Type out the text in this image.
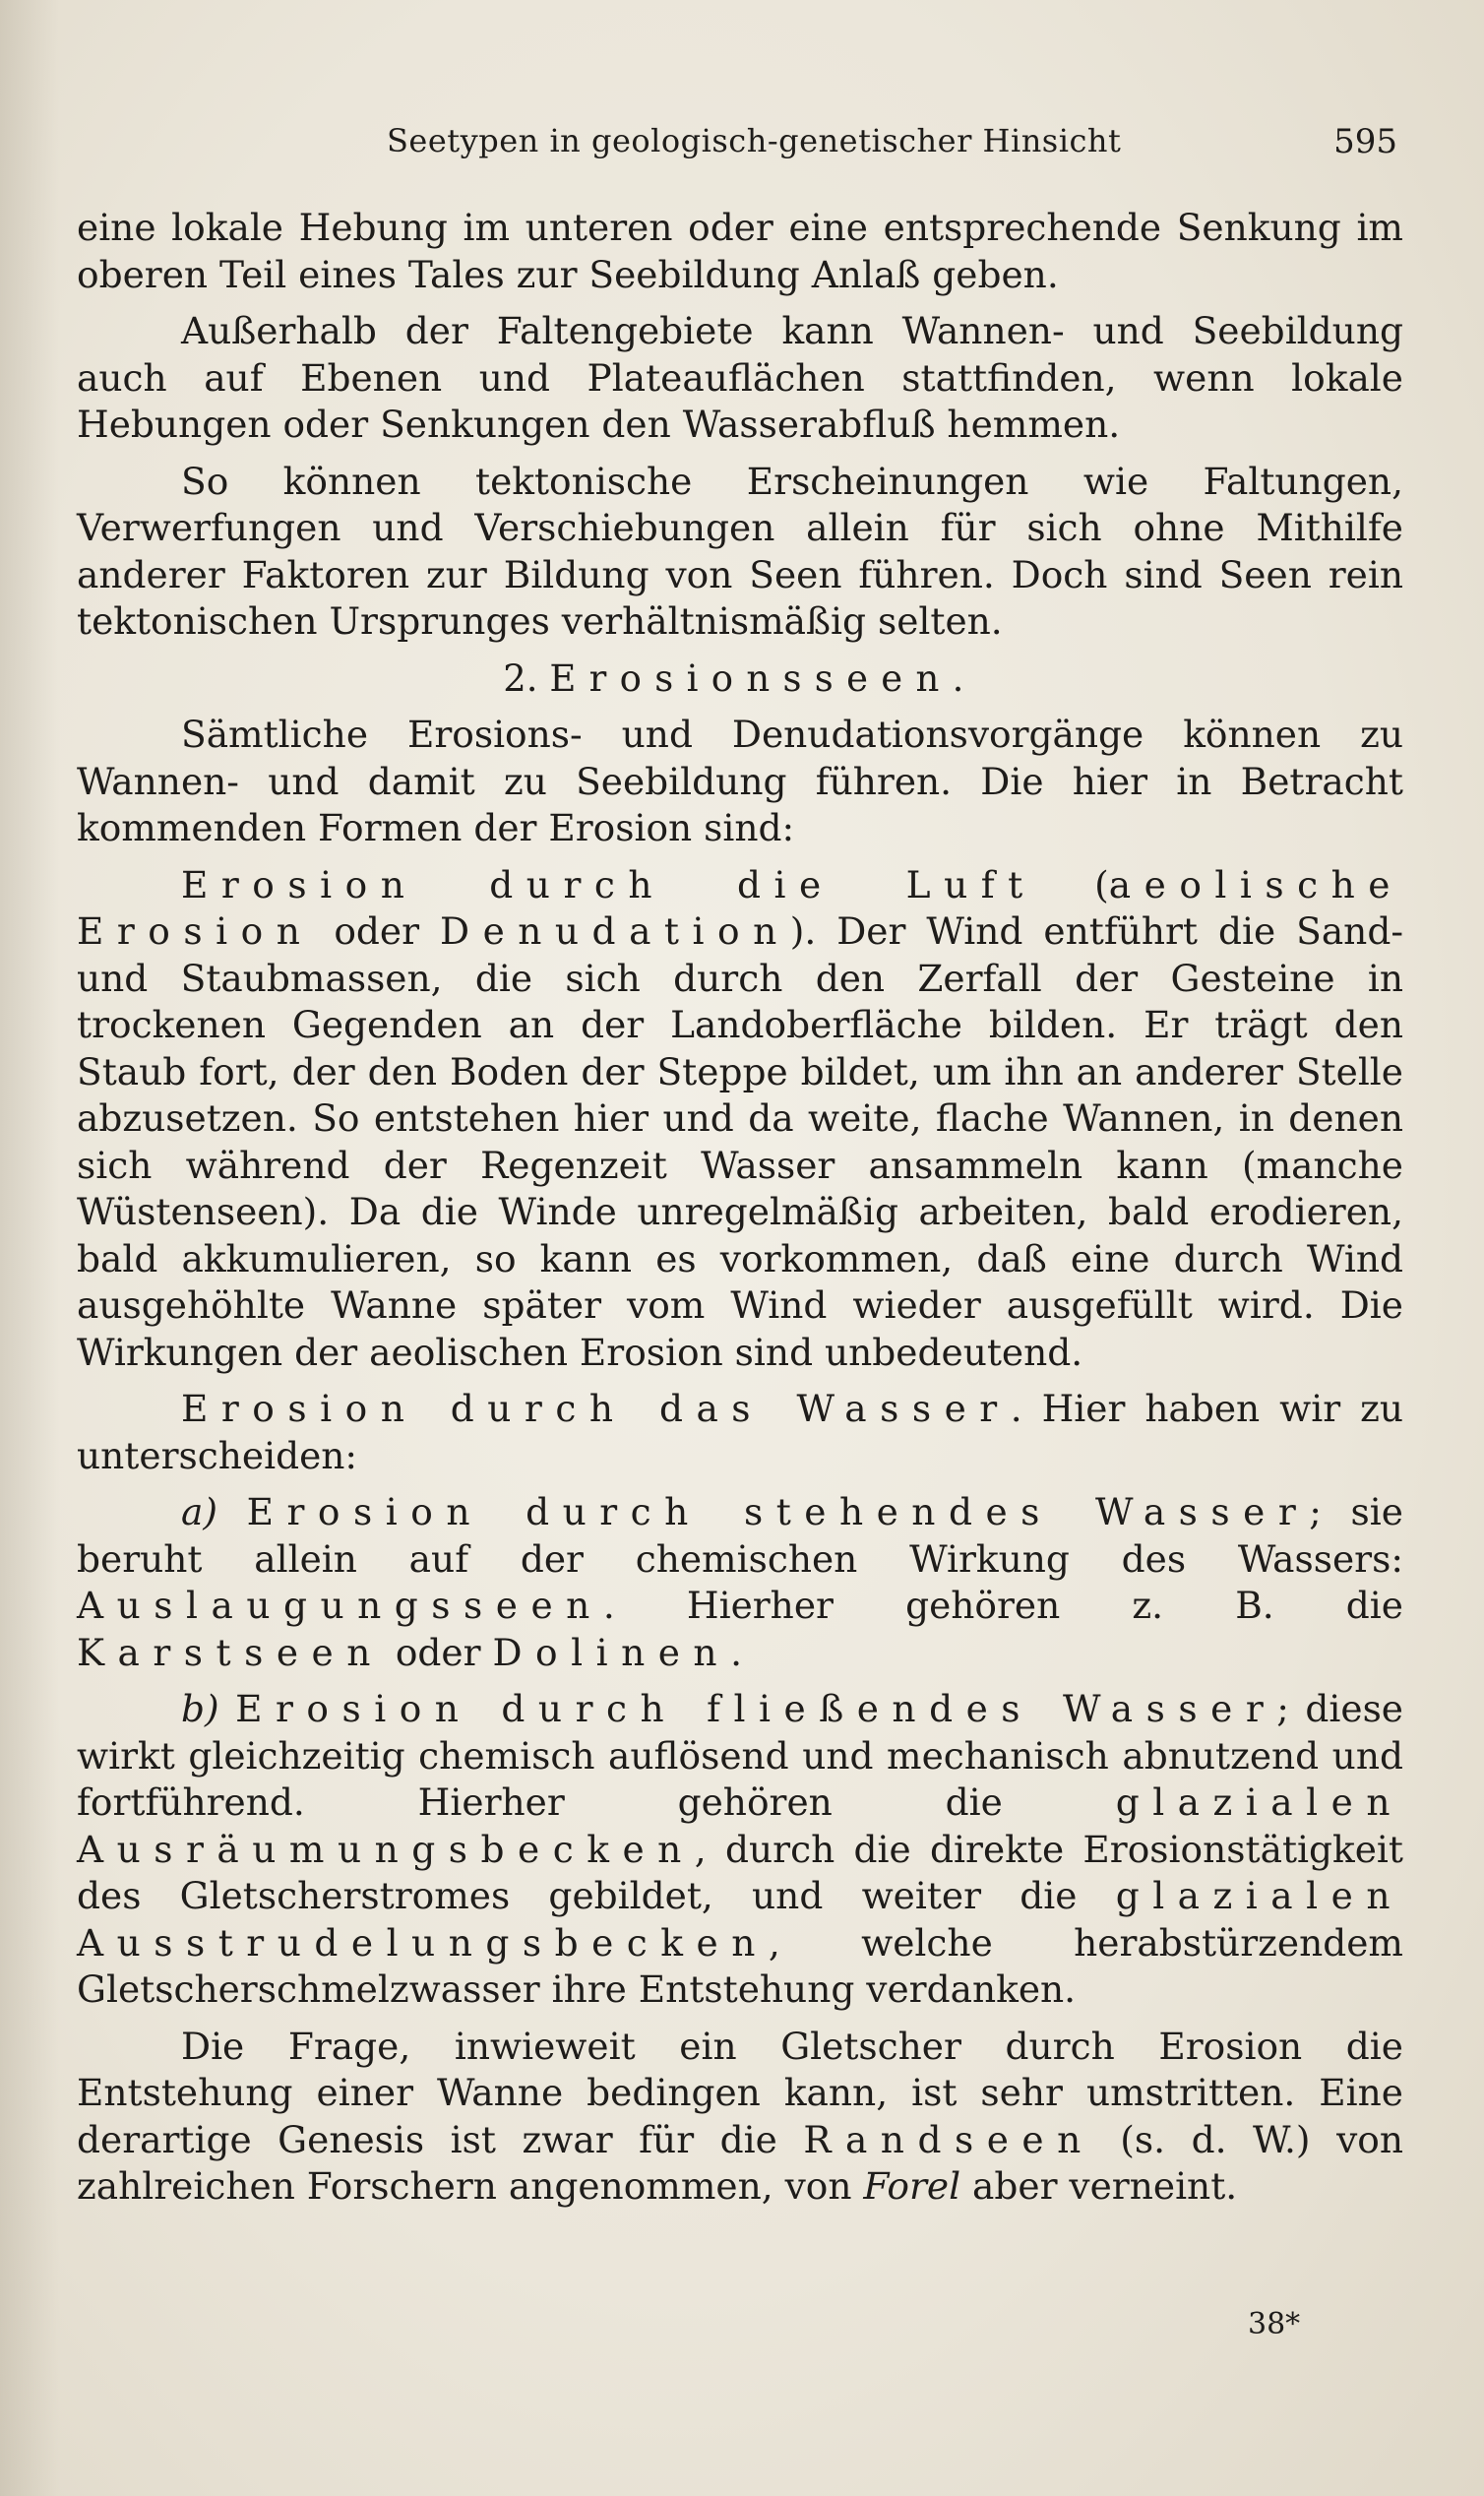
Seetypen in geologisch-genetischer Hinsicht	595

eine lokale Hebung im unteren oder eine entsprechende Senkung im oberen Teil eines Tales zur Seebildung Anlaß geben.

Außerhalb der Faltengebiete kann Wannen- und Seebildung auch auf Ebenen und Plateauflächen stattfinden, wenn lokale Hebungen oder Senkungen den Wasserabfluß hemmen.

So können tektonische Erscheinungen wie Faltungen, Verwerfungen und Verschiebungen allein für sich ohne Mithilfe anderer Faktoren zur Bildung von Seen führen. Doch sind Seen rein tektonischen Ursprunges verhältnismäßig selten.

2. Erosionsseen.

Sämtliche Erosions- und Denudationsvorgänge können zu Wannen- und damit zu Seebildung führen. Die hier in Betracht kommenden Formen der Erosion sind:

Erosion durch die Luft (aeolische Erosion oder Denudation). Der Wind entführt die Sand- und Staubmassen, die sich durch den Zerfall der Gesteine in trockenen Gegenden an der Landoberfläche bilden. Er trägt den Staub fort, der den Boden der Steppe bildet, um ihn an anderer Stelle abzusetzen. So entstehen hier und da weite, flache Wannen, in denen sich während der Regenzeit Wasser ansammeln kann (manche Wüstenseen). Da die Winde unregelmäßig arbeiten, bald erodieren, bald akkumulieren, so kann es vorkommen, daß eine durch Wind ausgehöhlte Wanne später vom Wind wieder ausgefüllt wird. Die Wirkungen der aeolischen Erosion sind unbedeutend.

Erosion durch das Wasser. Hier haben wir zu unterscheiden:

a) Erosion durch stehendes Wasser; sie beruht allein auf der chemischen Wirkung des Wassers: Auslaugungsseen. Hierher gehören z. B. die Karstseen oder Dolinen.

b) Erosion durch fließendes Wasser; diese wirkt gleichzeitig chemisch auflösend und mechanisch abnutzend und fortführend. Hierher gehören die glazialen Ausräumungsbecken, durch die direkte Erosionstätigkeit des Gletscherstromes gebildet, und weiter die glazialen Ausstrudelungsbecken, welche herabstürzendem Gletscherschmelzwasser ihre Entstehung verdanken.

Die Frage, inwieweit ein Gletscher durch Erosion die Entstehung einer Wanne bedingen kann, ist sehr umstritten. Eine derartige Genesis ist zwar für die Randseen (s. d. W.) von zahlreichen Forschern angenommen, von Forel aber verneint.

38*
